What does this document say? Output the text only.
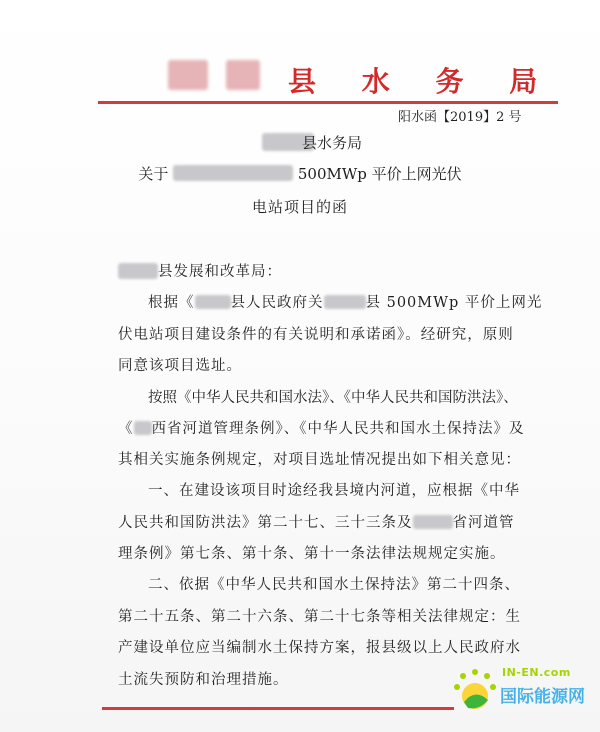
县 水 务 局
阳水函【2019】2 号
县水务局
关于	500MWp 平价上网光伏
电站项目的函
县发展和改革局：
根据《 县人民政府关	县 500MWp 平价上网光
伏电站项目建设条件的有关说明和承诺函》。经研究，原则
同意该项目选址。
按照《中华人民共和国水法》、《中华人民共和国防洪法》、
《 西省河道管理条例》、《中华人民共和国水土保持法》及
其相关实施条例规定，对项目选址情况提出如下相关意见：
一、在建设该项目时途经我县境内河道，应根据《中华
人民共和国防洪法》第二十七、三十三条及	省河道管
理条例》第七条、第十条、第十一条法律法规规定实施。
二、依据《中华人民共和国水土保持法》第二十四条、
第二十五条、第二十六条、第二十七条等相关法律规定：生
产建设单位应当编制水土保持方案，报县级以上人民政府水
土流失预防和治理措施。	IN-EN.com
国际能源网
